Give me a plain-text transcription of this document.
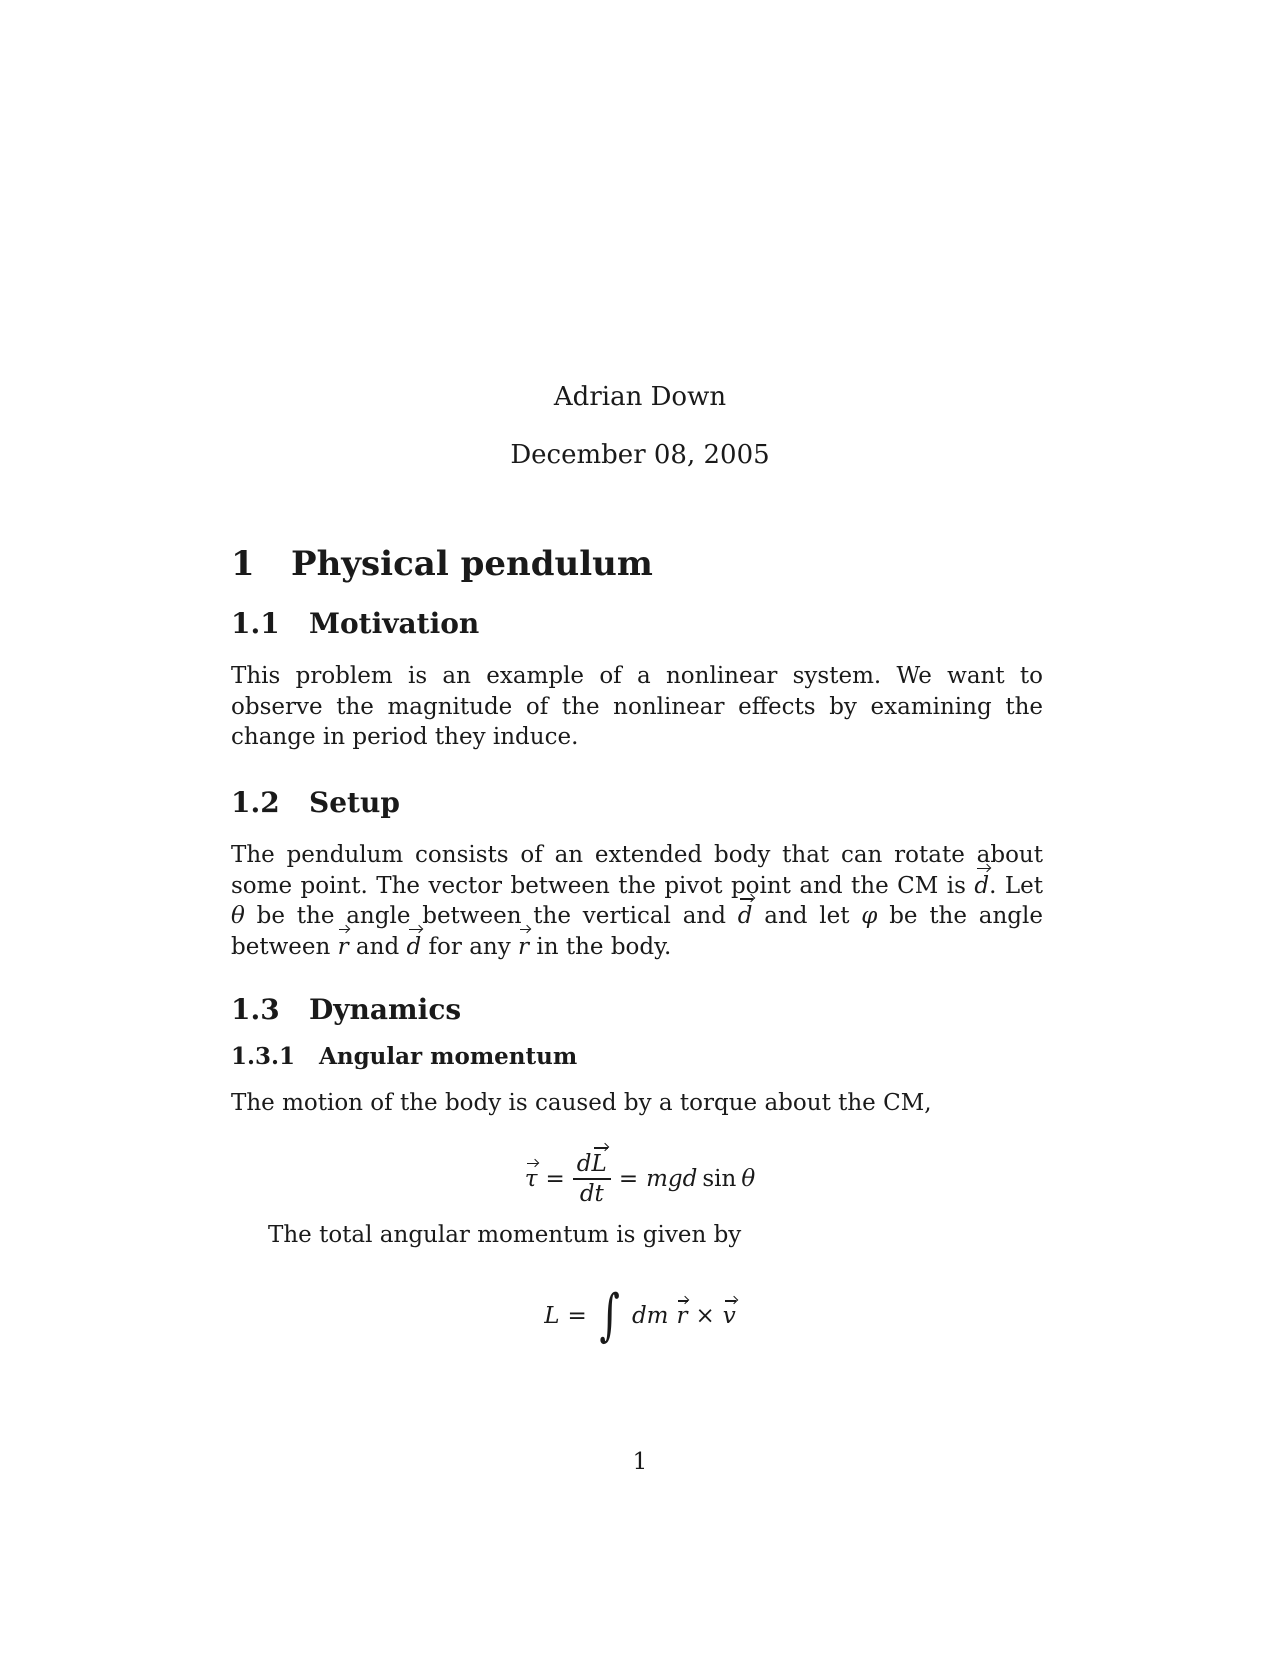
Adrian Down
December 08, 2005
1 Physical pendulum
1.1 Motivation
This problem is an example of a nonlinear system. We want to observe the magnitude of the nonlinear effects by examining the change in period they induce.
1.2 Setup
The pendulum consists of an extended body that can rotate about some point. The vector between the pivot point and the CM is d. Let θ be the angle between the vertical and d and let φ be the angle between r and d for any r in the body.
1.3 Dynamics
1.3.1 Angular momentum
The motion of the body is caused by a torque about the CM,
$\tau = \frac{dL}{dt}$ = mgd sin θ
The total angular momentum is given by
L = ∫ dm r × v
1
